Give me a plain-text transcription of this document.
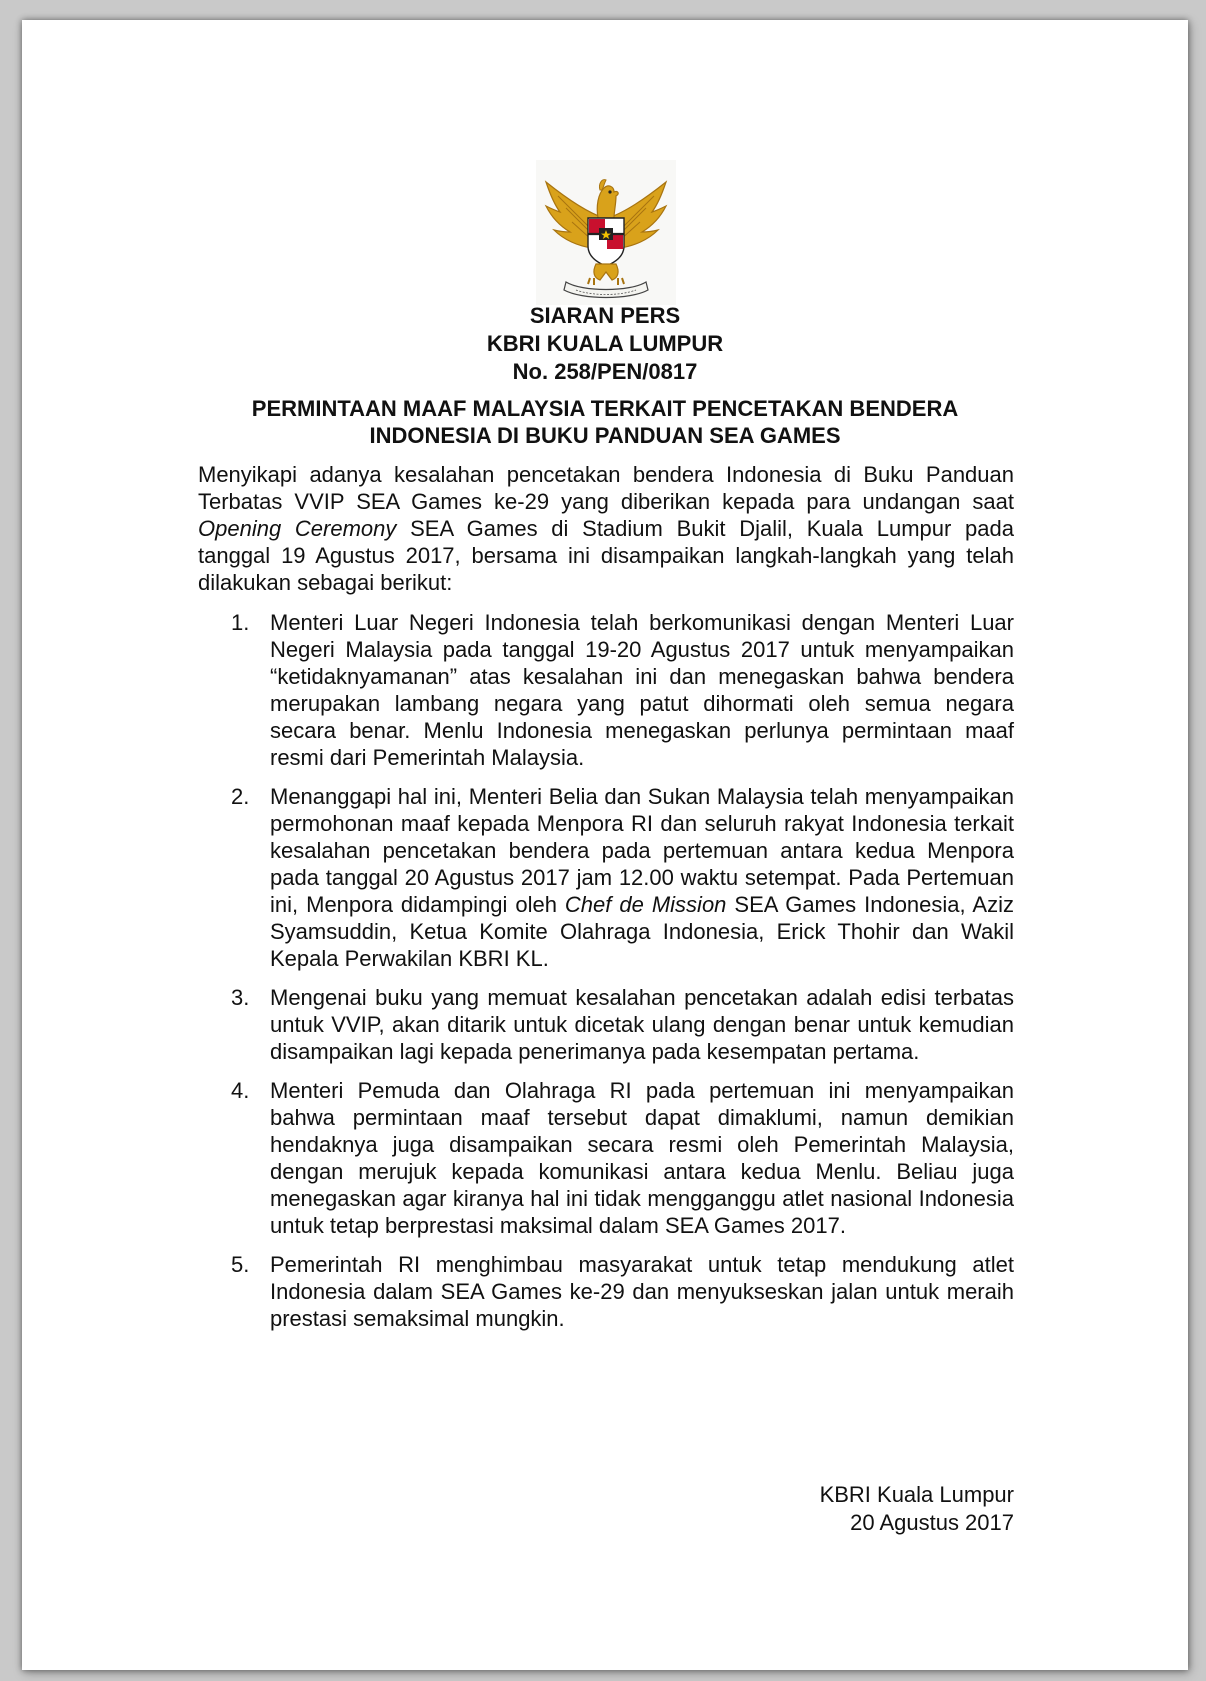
SIARAN PERS
KBRI KUALA LUMPUR
No. 258/PEN/0817
PERMINTAAN MAAF MALAYSIA TERKAIT PENCETAKAN BENDERA
INDONESIA DI BUKU PANDUAN SEA GAMES

Menyikapi adanya kesalahan pencetakan bendera Indonesia di Buku Panduan Terbatas VVIP SEA Games ke-29 yang diberikan kepada para undangan saat Opening Ceremony SEA Games di Stadium Bukit Djalil, Kuala Lumpur pada tanggal 19 Agustus 2017, bersama ini disampaikan langkah-langkah yang telah dilakukan sebagai berikut:

1. Menteri Luar Negeri Indonesia telah berkomunikasi dengan Menteri Luar Negeri Malaysia pada tanggal 19-20 Agustus 2017 untuk menyampaikan “ketidaknyamanan” atas kesalahan ini dan menegaskan bahwa bendera merupakan lambang negara yang patut dihormati oleh semua negara secara benar. Menlu Indonesia menegaskan perlunya permintaan maaf resmi dari Pemerintah Malaysia.
2. Menanggapi hal ini, Menteri Belia dan Sukan Malaysia telah menyampaikan permohonan maaf kepada Menpora RI dan seluruh rakyat Indonesia terkait kesalahan pencetakan bendera pada pertemuan antara kedua Menpora pada tanggal 20 Agustus 2017 jam 12.00 waktu setempat. Pada Pertemuan ini, Menpora didampingi oleh Chef de Mission SEA Games Indonesia, Aziz Syamsuddin, Ketua Komite Olahraga Indonesia, Erick Thohir dan Wakil Kepala Perwakilan KBRI KL.
3. Mengenai buku yang memuat kesalahan pencetakan adalah edisi terbatas untuk VVIP, akan ditarik untuk dicetak ulang dengan benar untuk kemudian disampaikan lagi kepada penerimanya pada kesempatan pertama.
4. Menteri Pemuda dan Olahraga RI pada pertemuan ini menyampaikan bahwa permintaan maaf tersebut dapat dimaklumi, namun demikian hendaknya juga disampaikan secara resmi oleh Pemerintah Malaysia, dengan merujuk kepada komunikasi antara kedua Menlu. Beliau juga menegaskan agar kiranya hal ini tidak mengganggu atlet nasional Indonesia untuk tetap berprestasi maksimal dalam SEA Games 2017.
5. Pemerintah RI menghimbau masyarakat untuk tetap mendukung atlet Indonesia dalam SEA Games ke-29 dan menyukseskan jalan untuk meraih prestasi semaksimal mungkin.
KBRI Kuala Lumpur
20 Agustus 2017
